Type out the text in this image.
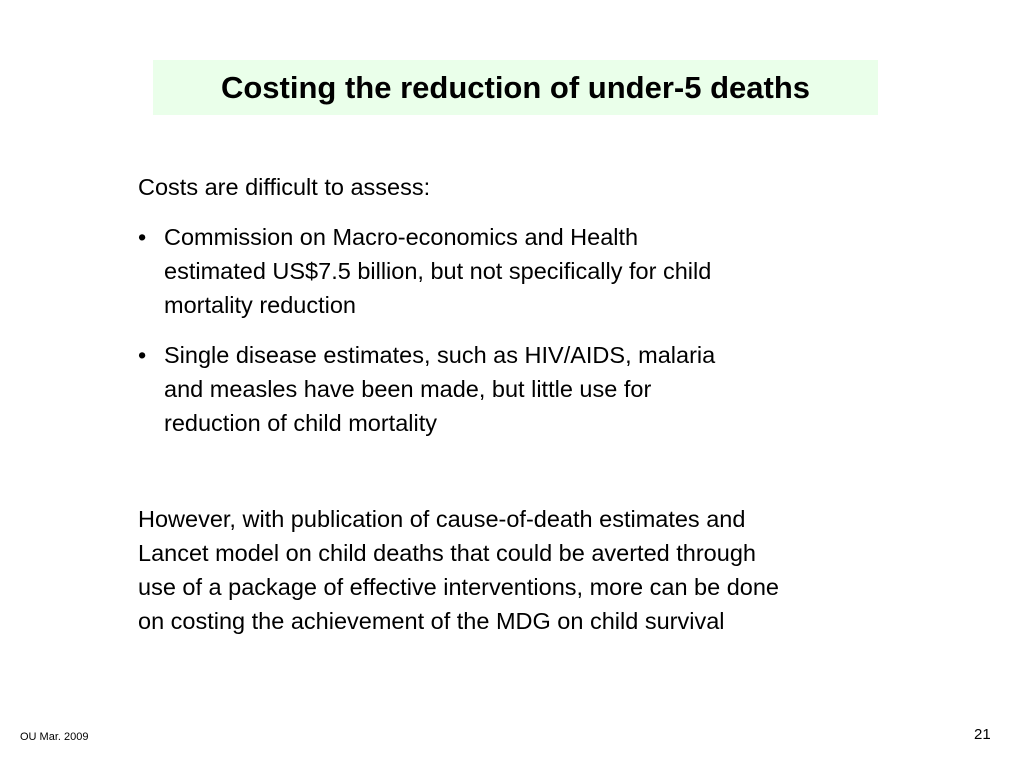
Costing the reduction of under-5 deaths

Costs are difficult to assess:

• Commission on Macro-economics and Health
estimated US$7.5 billion, but not specifically for child
mortality reduction
• Single disease estimates, such as HIV/AIDS, malaria
and measles have been made, but little use for
reduction of child mortality

However, with publication of cause-of-death estimates and
Lancet model on child deaths that could be averted through
use of a package of effective interventions, more can be done
on costing the achievement of the MDG on child survival

OU Mar. 2009	21
